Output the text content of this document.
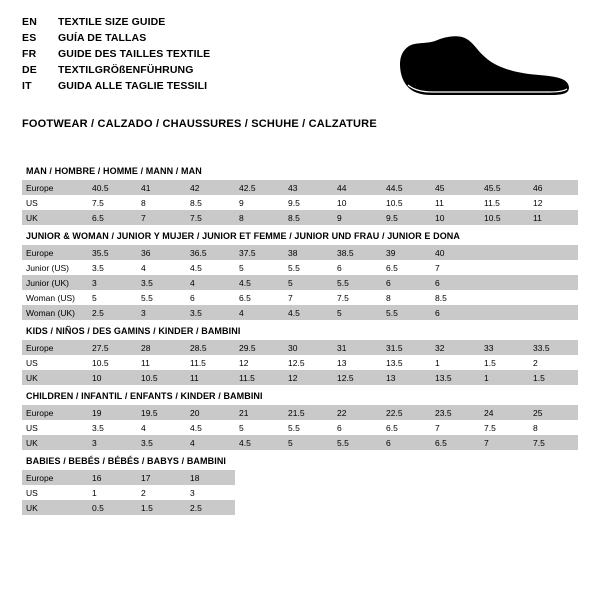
EN	TEXTILE SIZE GUIDE
ES	GUÍA DE TALLAS
FR	GUIDE DES TAILLES TEXTILE
DE	TEXTILGRÖßENFÜHRUNG
IT	GUIDA ALLE TAGLIE TESSILI
FOOTWEAR / CALZADO / CHAUSSURES / SCHUHE / CALZATURE
MAN / HOMBRE / HOMME / MANN / MAN
Europe	40.5	41	42	42.5	43	44	44.5	45	45.5	46
US	7.5	8	8.5	9	9.5	10	10.5	11	11.5	12
UK	6.5	7	7.5	8	8.5	9	9.5	10	10.5	11
JUNIOR & WOMAN / JUNIOR Y MUJER / JUNIOR ET FEMME / JUNIOR UND FRAU / JUNIOR E DONA
Europe	35.5	36	36.5	37.5	38	38.5	39	40		
Junior (US)	3.5	4	4.5	5	5.5	6	6.5	7		
Junior (UK)	3	3.5	4	4.5	5	5.5	6	6		
Woman (US)	5	5.5	6	6.5	7	7.5	8	8.5		
Woman (UK)	2.5	3	3.5	4	4.5	5	5.5	6		
KIDS / NIÑOS / DES GAMINS / KINDER / BAMBINI
Europe	27.5	28	28.5	29.5	30	31	31.5	32	33	33.5
US	10.5	11	11.5	12	12.5	13	13.5	1	1.5	2
UK	10	10.5	11	11.5	12	12.5	13	13.5	1	1.5
CHILDREN / INFANTIL / ENFANTS / KINDER / BAMBINI
Europe	19	19.5	20	21	21.5	22	22.5	23.5	24	25
US	3.5	4	4.5	5	5.5	6	6.5	7	7.5	8
UK	3	3.5	4	4.5	5	5.5	6	6.5	7	7.5
BABIES / BEBÉS / BÉBÉS / BABYS / BAMBINI
Europe	16	17	18							
US	1	2	3							
UK	0.5	1.5	2.5							
